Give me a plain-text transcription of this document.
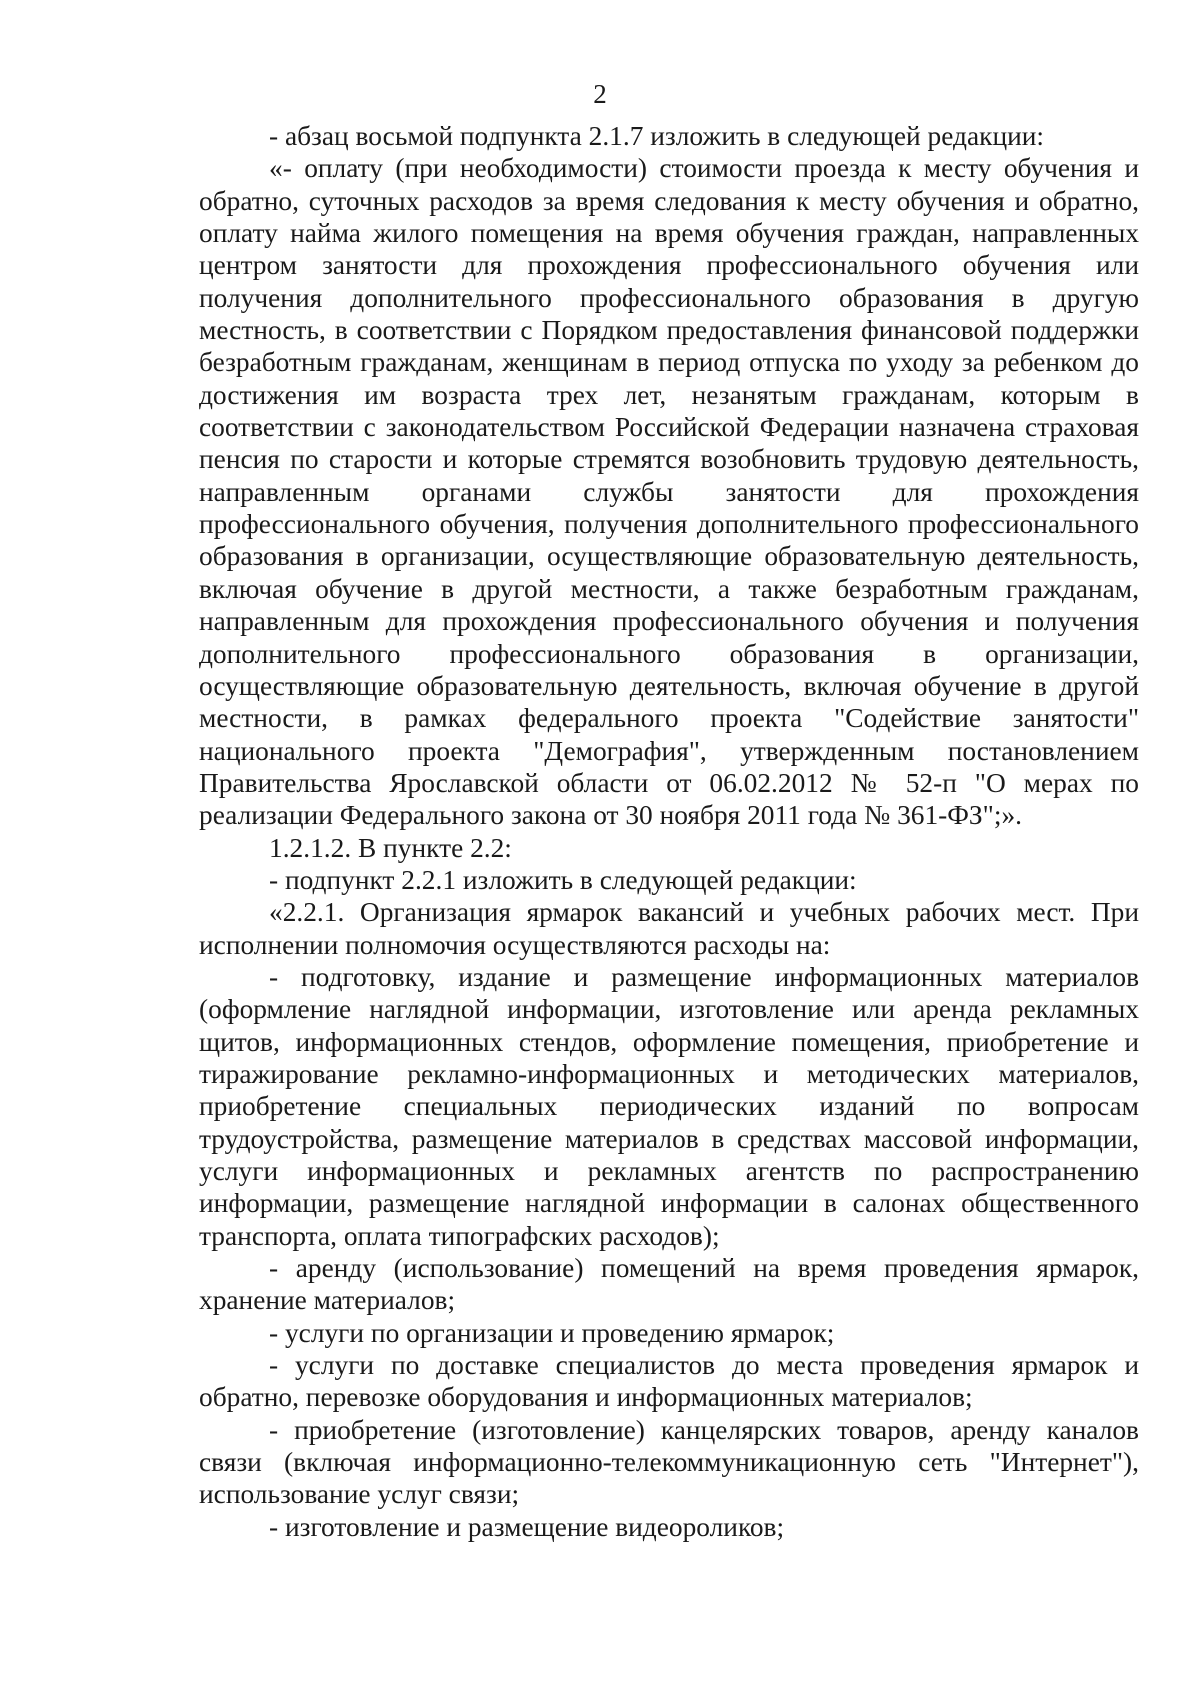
2

- абзац восьмой подпункта 2.1.7 изложить в следующей редакции:

«- оплату (при необходимости) стоимости проезда к месту обучения и обратно, суточных расходов за время следования к месту обучения и обратно, оплату найма жилого помещения на время обучения граждан, направленных центром занятости для прохождения профессионального обучения или получения дополнительного профессионального образования в другую местность, в соответствии с Порядком предоставления финансовой поддержки безработным гражданам, женщинам в период отпуска по уходу за ребенком до достижения им возраста трех лет, незанятым гражданам, которым в соответствии с законодательством Российской Федерации назначена страховая пенсия по старости и которые стремятся возобновить трудовую деятельность, направленным органами службы занятости для прохождения профессионального обучения, получения дополнительного профессионального образования в организации, осуществляющие образовательную деятельность, включая обучение в другой местности, а также безработным гражданам, направленным для прохождения профессионального обучения и получения дополнительного профессионального образования в организации, осуществляющие образовательную деятельность, включая обучение в другой местности, в рамках федерального проекта "Содействие занятости" национального проекта "Демография", утвержденным постановлением Правительства Ярославской области от 06.02.2012 № 52-п "О мерах по реализации Федерального закона от 30 ноября 2011 года № 361-ФЗ";».

1.2.1.2. В пункте 2.2:

- подпункт 2.2.1 изложить в следующей редакции:

«2.2.1. Организация ярмарок вакансий и учебных рабочих мест. При исполнении полномочия осуществляются расходы на:

- подготовку, издание и размещение информационных материалов (оформление наглядной информации, изготовление или аренда рекламных щитов, информационных стендов, оформление помещения, приобретение и тиражирование рекламно-информационных и методических материалов, приобретение специальных периодических изданий по вопросам трудоустройства, размещение материалов в средствах массовой информации, услуги информационных и рекламных агентств по распространению информации, размещение наглядной информации в салонах общественного транспорта, оплата типографских расходов);

- аренду (использование) помещений на время проведения ярмарок, хранение материалов;

- услуги по организации и проведению ярмарок;

- услуги по доставке специалистов до места проведения ярмарок и обратно, перевозке оборудования и информационных материалов;

- приобретение (изготовление) канцелярских товаров, аренду каналов связи (включая информационно-телекоммуникационную сеть "Интернет"), использование услуг связи;

- изготовление и размещение видеороликов;
